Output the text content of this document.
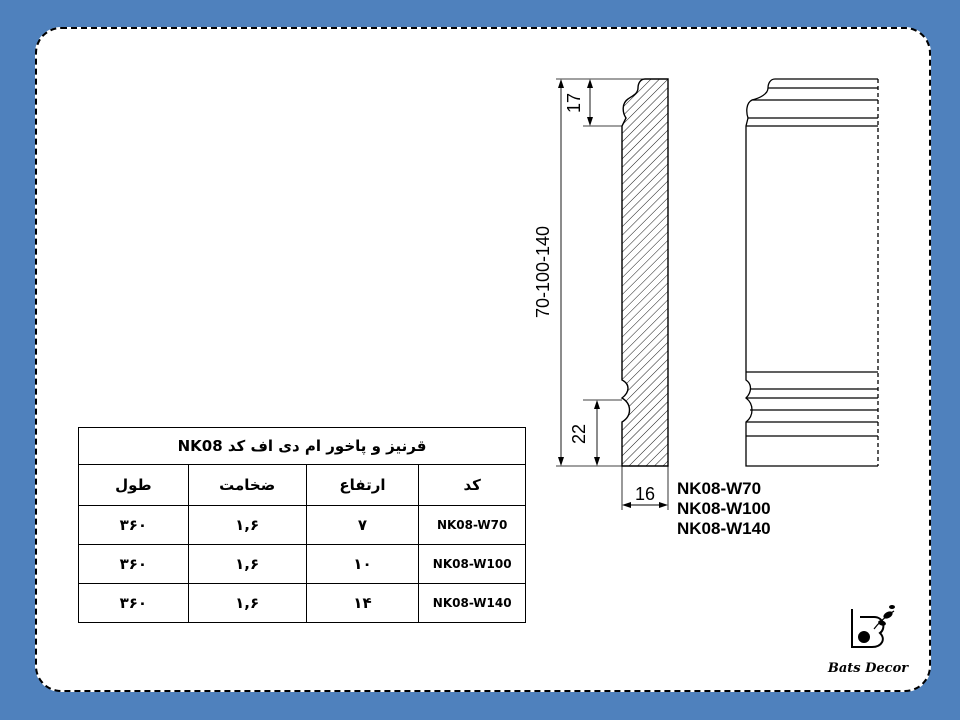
70-100-140
17
22
16 NK08-W70
NK08-W100
NK08-W140
قرنیز و پاخور ام دی اف کد NK08			
کد	ارتفاع	ضخامت	طول
NK08-W70	۷	۱,۶	۳۶۰
NK08-W100	۱۰	۱,۶	۳۶۰
NK08-W140	۱۴	۱,۶	۳۶۰
Bats Decor
